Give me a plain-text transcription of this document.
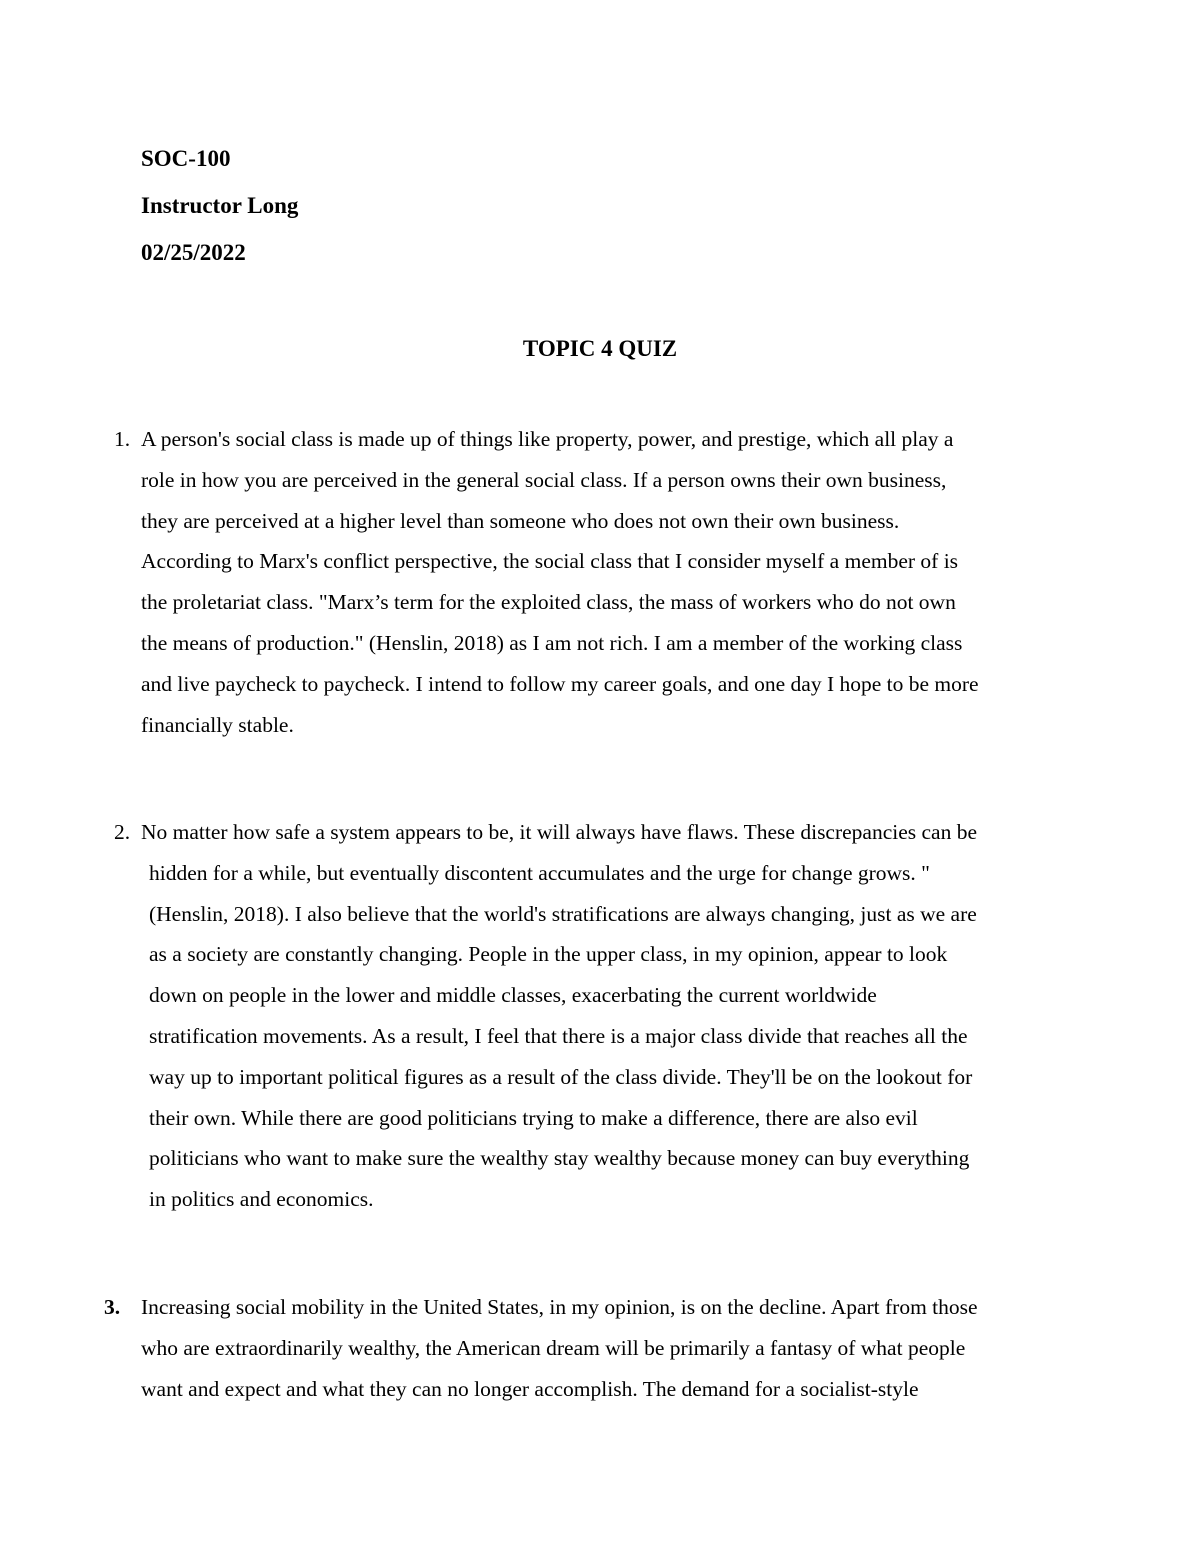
SOC-100
Instructor Long
02/25/2022
TOPIC 4 QUIZ
1. A person's social class is made up of things like property, power, and prestige, which all play a
role in how you are perceived in the general social class. If a person owns their own business,
they are perceived at a higher level than someone who does not own their own business.
According to Marx's conflict perspective, the social class that I consider myself a member of is
the proletariat class. "Marx’s term for the exploited class, the mass of workers who do not own
the means of production." (Henslin, 2018) as I am not rich. I am a member of the working class
and live paycheck to paycheck. I intend to follow my career goals, and one day I hope to be more
financially stable.
2. No matter how safe a system appears to be, it will always have flaws. These discrepancies can be
hidden for a while, but eventually discontent accumulates and the urge for change grows. "
(Henslin, 2018). I also believe that the world's stratifications are always changing, just as we are
as a society are constantly changing. People in the upper class, in my opinion, appear to look
down on people in the lower and middle classes, exacerbating the current worldwide
stratification movements. As a result, I feel that there is a major class divide that reaches all the
way up to important political figures as a result of the class divide. They'll be on the lookout for
their own. While there are good politicians trying to make a difference, there are also evil
politicians who want to make sure the wealthy stay wealthy because money can buy everything
in politics and economics.
3. Increasing social mobility in the United States, in my opinion, is on the decline. Apart from those
who are extraordinarily wealthy, the American dream will be primarily a fantasy of what people
want and expect and what they can no longer accomplish. The demand for a socialist-style
